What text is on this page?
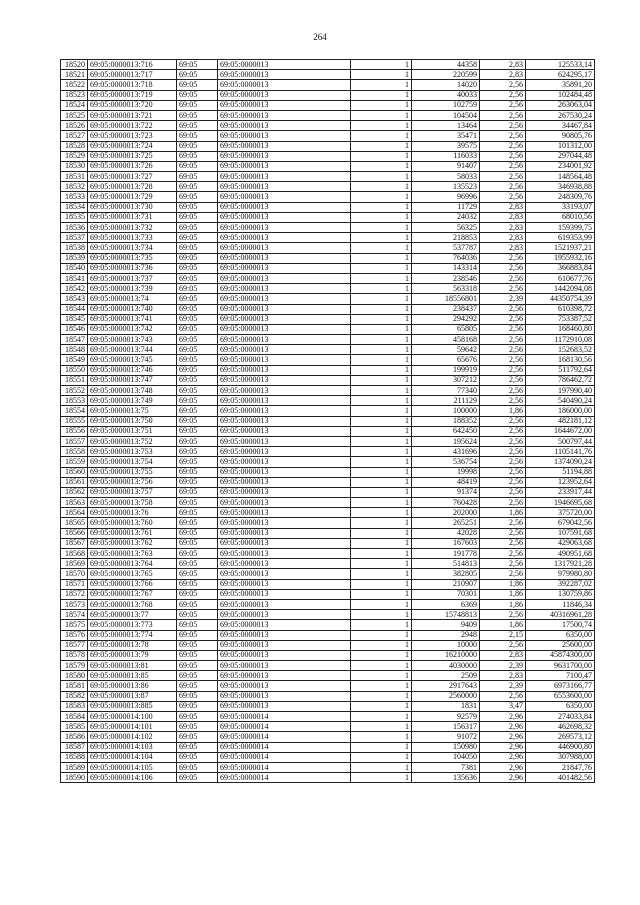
264
18520	69:05:0000013:716	69:05	69:05:0000013	1	44358	2,83	125533,14
18521	69:05:0000013:717	69:05	69:05:0000013	1	220599	2,83	624295,17
18522	69:05:0000013:718	69:05	69:05:0000013	1	14020	2,56	35891,20
18523	69:05:0000013:719	69:05	69:05:0000013	1	40033	2,56	102484,48
18524	69:05:0000013:720	69:05	69:05:0000013	1	102759	2,56	263063,04
18525	69:05:0000013:721	69:05	69:05:0000013	1	104504	2,56	267530,24
18526	69:05:0000013:722	69:05	69:05:0000013	1	13464	2,56	34467,84
18527	69:05:0000013:723	69:05	69:05:0000013	1	35471	2,56	90805,76
18528	69:05:0000013:724	69:05	69:05:0000013	1	39575	2,56	101312,00
18529	69:05:0000013:725	69:05	69:05:0000013	1	116033	2,56	297044,48
18530	69:05:0000013:726	69:05	69:05:0000013	1	91407	2,56	234001,92
18531	69:05:0000013:727	69:05	69:05:0000013	1	58033	2,56	148564,48
18532	69:05:0000013:728	69:05	69:05:0000013	1	135523	2,56	346938,88
18533	69:05:0000013:729	69:05	69:05:0000013	1	96996	2,56	248309,76
18534	69:05:0000013:730	69:05	69:05:0000013	1	11729	2,83	33193,07
18535	69:05:0000013:731	69:05	69:05:0000013	1	24032	2,83	68010,56
18536	69:05:0000013:732	69:05	69:05:0000013	1	56325	2,83	159399,75
18537	69:05:0000013:733	69:05	69:05:0000013	1	218853	2,83	619353,99
18538	69:05:0000013:734	69:05	69:05:0000013	1	537787	2,83	1521937,21
18539	69:05:0000013:735	69:05	69:05:0000013	1	764036	2,56	1955932,16
18540	69:05:0000013:736	69:05	69:05:0000013	1	143314	2,56	366883,84
18541	69:05:0000013:737	69:05	69:05:0000013	1	238546	2,56	610677,76
18542	69:05:0000013:739	69:05	69:05:0000013	1	563318	2,56	1442094,08
18543	69:05:0000013:74	69:05	69:05:0000013	1	18556801	2,39	44350754,39
18544	69:05:0000013:740	69:05	69:05:0000013	1	238437	2,56	610398,72
18545	69:05:0000013:741	69:05	69:05:0000013	1	294292	2,56	753387,52
18546	69:05:0000013:742	69:05	69:05:0000013	1	65805	2,56	168460,80
18547	69:05:0000013:743	69:05	69:05:0000013	1	458168	2,56	1172910,08
18548	69:05:0000013:744	69:05	69:05:0000013	1	59642	2,56	152683,52
18549	69:05:0000013:745	69:05	69:05:0000013	1	65676	2,56	168130,56
18550	69:05:0000013:746	69:05	69:05:0000013	1	199919	2,56	511792,64
18551	69:05:0000013:747	69:05	69:05:0000013	1	307212	2,56	786462,72
18552	69:05:0000013:748	69:05	69:05:0000013	1	77340	2,56	197990,40
18553	69:05:0000013:749	69:05	69:05:0000013	1	211129	2,56	540490,24
18554	69:05:0000013:75	69:05	69:05:0000013	1	100000	1,86	186000,00
18555	69:05:0000013:750	69:05	69:05:0000013	1	188352	2,56	482181,12
18556	69:05:0000013:751	69:05	69:05:0000013	1	642450	2,56	1644672,00
18557	69:05:0000013:752	69:05	69:05:0000013	1	195624	2,56	500797,44
18558	69:05:0000013:753	69:05	69:05:0000013	1	431696	2,56	1105141,76
18559	69:05:0000013:754	69:05	69:05:0000013	1	536754	2,56	1374090,24
18560	69:05:0000013:755	69:05	69:05:0000013	1	19998	2,56	51194,88
18561	69:05:0000013:756	69:05	69:05:0000013	1	48419	2,56	123952,64
18562	69:05:0000013:757	69:05	69:05:0000013	1	91374	2,56	233917,44
18563	69:05:0000013:758	69:05	69:05:0000013	1	760428	2,56	1946695,68
18564	69:05:0000013:76	69:05	69:05:0000013	1	202000	1,86	375720,00
18565	69:05:0000013:760	69:05	69:05:0000013	1	265251	2,56	679042,56
18566	69:05:0000013:761	69:05	69:05:0000013	1	42028	2,56	107591,68
18567	69:05:0000013:762	69:05	69:05:0000013	1	167603	2,56	429063,68
18568	69:05:0000013:763	69:05	69:05:0000013	1	191778	2,56	490951,68
18569	69:05:0000013:764	69:05	69:05:0000013	1	514813	2,56	1317921,28
18570	69:05:0000013:765	69:05	69:05:0000013	1	382805	2,56	979980,80
18571	69:05:0000013:766	69:05	69:05:0000013	1	210907	1,86	392287,02
18572	69:05:0000013:767	69:05	69:05:0000013	1	70301	1,86	130759,86
18573	69:05:0000013:768	69:05	69:05:0000013	1	6369	1,86	11846,34
18574	69:05:0000013:77	69:05	69:05:0000013	1	15748813	2,56	40316961,28
18575	69:05:0000013:773	69:05	69:05:0000013	1	9409	1,86	17500,74
18576	69:05:0000013:774	69:05	69:05:0000013	1	2948	2,15	6350,00
18577	69:05:0000013:78	69:05	69:05:0000013	1	10000	2,56	25600,00
18578	69:05:0000013:79	69:05	69:05:0000013	1	16210000	2,83	45874300,00
18579	69:05:0000013:81	69:05	69:05:0000013	1	4030000	2,39	9631700,00
18580	69:05:0000013:85	69:05	69:05:0000013	1	2509	2,83	7100,47
18581	69:05:0000013:86	69:05	69:05:0000013	1	2917643	2,39	6973166,77
18582	69:05:0000013:87	69:05	69:05:0000013	1	2560000	2,56	6553600,00
18583	69:05:0000013:885	69:05	69:05:0000013	1	1831	3,47	6350,00
18584	69:05:0000014:100	69:05	69:05:0000014	1	92579	2,96	274033,84
18585	69:05:0000014:101	69:05	69:05:0000014	1	156317	2,96	462698,32
18586	69:05:0000014:102	69:05	69:05:0000014	1	91072	2,96	269573,12
18587	69:05:0000014:103	69:05	69:05:0000014	1	150980	2,96	446900,80
18588	69:05:0000014:104	69:05	69:05:0000014	1	104050	2,96	307988,00
18589	69:05:0000014:105	69:05	69:05:0000014	1	7381	2,96	21847,76
18590	69:05:0000014:106	69:05	69:05:0000014	1	135636	2,96	401482,56
